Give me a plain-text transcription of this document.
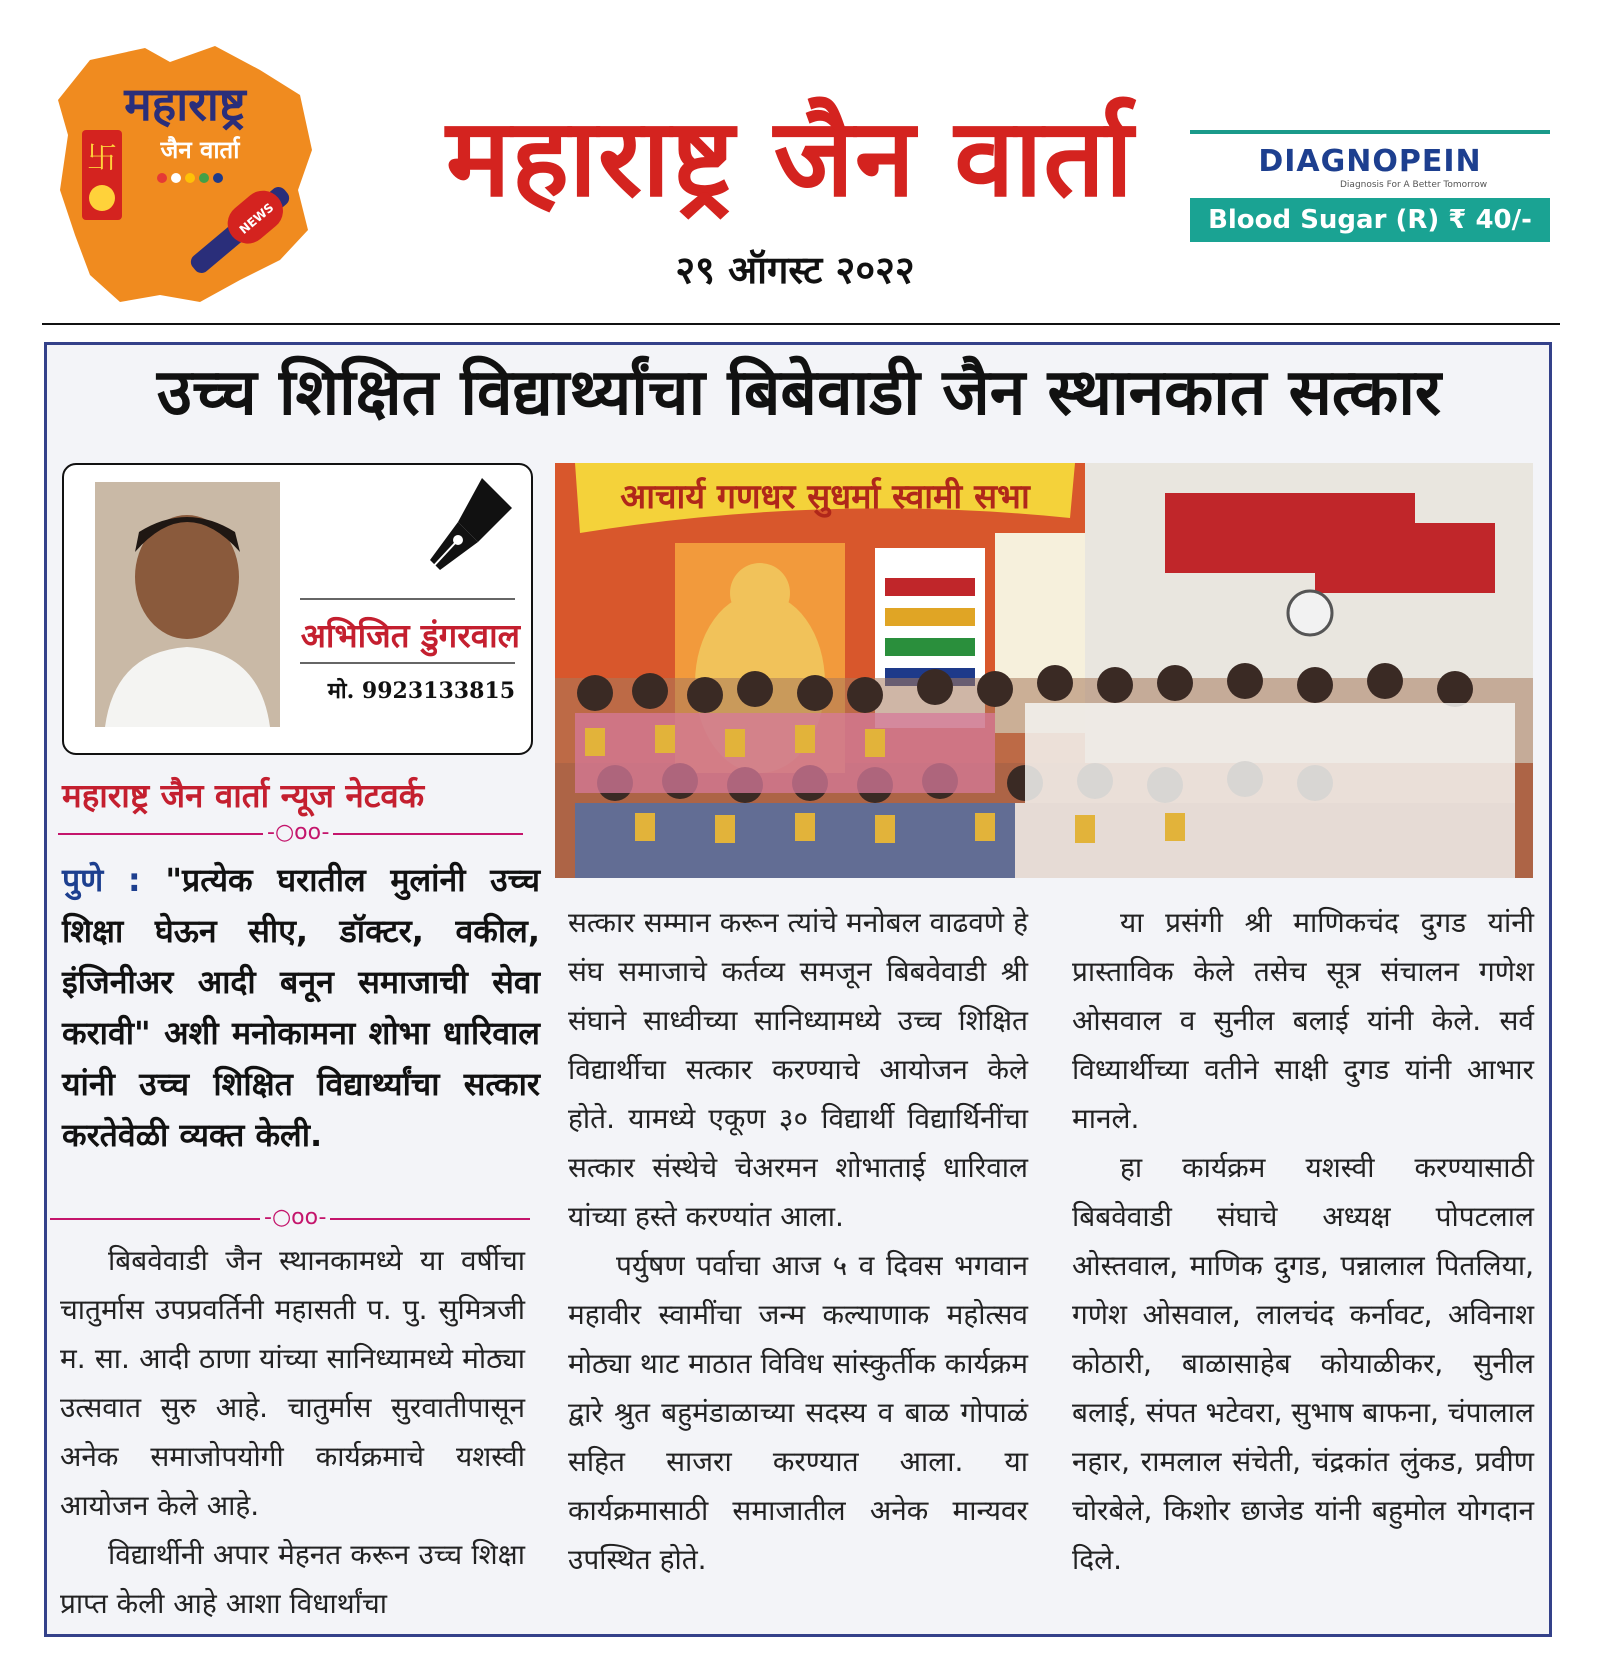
महाराष्ट्र
जैन वार्ता
卐
NEWS महाराष्ट्र जैन वार्ता
२९ ऑगस्ट २०२२
DIAGNOPEIN
Diagnosis For A Better Tomorrow
Blood Sugar (R) ₹ 40/-
उच्च शिक्षित विद्यार्थ्यांचा बिबेवाडी जैन स्थानकात सत्कार
अभिजित डुंगरवाल
मो. 9923133815
महाराष्ट्र जैन वार्ता न्यूज नेटवर्क
-○oo-
पुणे : "प्रत्येक घरातील मुलांनी उच्च शिक्षा घेऊन सीए, डॉक्टर, वकील, इंजिनीअर आदी बनून समाजाची सेवा करावी" अशी मनोकामना शोभा धारिवाल यांनी उच्च शिक्षित विद्यार्थ्यांचा सत्कार करतेवेळी व्यक्त केली.
-○oo-

बिबवेवाडी जैन स्थानकामध्ये या वर्षीचा चातुर्मास उपप्रवर्तिनी महासती प. पु. सुमित्रजी म. सा. आदी ठाणा यांच्या सानिध्यामध्ये मोठ्या उत्सवात सुरु आहे. चातुर्मास सुरवातीपासून अनेक समाजोपयोगी कार्यक्रमाचे यशस्वी आयोजन केले आहे.

विद्यार्थीनी अपार मेहनत करून उच्च शिक्षा प्राप्त केली आहे आशा विधार्थांचा

सत्कार सम्मान करून त्यांचे मनोबल वाढवणे हे संघ समाजाचे कर्तव्य समजून बिबवेवाडी श्री संघाने साध्वीच्या सानिध्यामध्ये उच्च शिक्षित विद्यार्थीचा सत्कार करण्याचे आयोजन केले होते. यामध्ये एकूण ३० विद्यार्थी विद्यार्थिनींचा सत्कार संस्थेचे चेअरमन शोभाताई धारिवाल यांच्या हस्ते करण्यांत आला.

पर्युषण पर्वाचा आज ५ व दिवस भगवान महावीर स्वामींचा जन्म कल्याणाक महोत्सव मोठ्या थाट माठात विविध सांस्कुर्तीक कार्यक्रम द्वारे श्रुत बहुमंडाळाच्या सदस्य व बाळ गोपाळं सहित साजरा करण्यात आला. या कार्यक्रमासाठी समाजातील अनेक मान्यवर उपस्थित होते.

या प्रसंगी श्री माणिकचंद दुगड यांनी प्रास्ताविक केले तसेच सूत्र संचालन गणेश ओसवाल व सुनील बलाई यांनी केले. सर्व विध्यार्थीच्या वतीने साक्षी दुगड यांनी आभार मानले.

हा कार्यक्रम यशस्वी करण्यासाठी बिबवेवाडी संघाचे अध्यक्ष पोपटलाल ओस्तवाल, माणिक दुगड, पन्नालाल पितलिया, गणेश ओसवाल, लालचंद कर्नावट, अविनाश कोठारी, बाळासाहेब कोयाळीकर, सुनील बलाई, संपत भटेवरा, सुभाष बाफना, चंपालाल नहार, रामलाल संचेती, चंद्रकांत लुंकड, प्रवीण चोरबेले, किशोर छाजेड यांनी बहुमोल योगदान दिले.

आचार्य गणधर सुधर्मा स्वामी सभा
